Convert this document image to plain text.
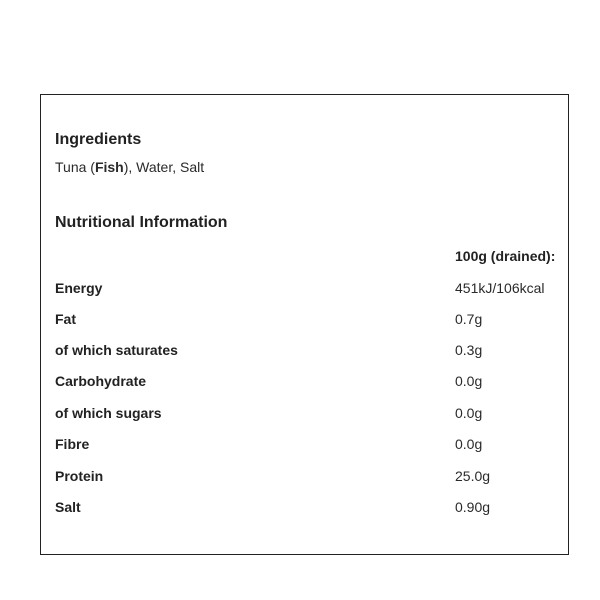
Ingredients
Tuna (Fish), Water, Salt
Nutritional Information
100g (drained):
Energy	451kJ/106kcal
Fat	0.7g
of which saturates	0.3g
Carbohydrate	0.0g
of which sugars	0.0g
Fibre	0.0g
Protein	25.0g
Salt	0.90g
